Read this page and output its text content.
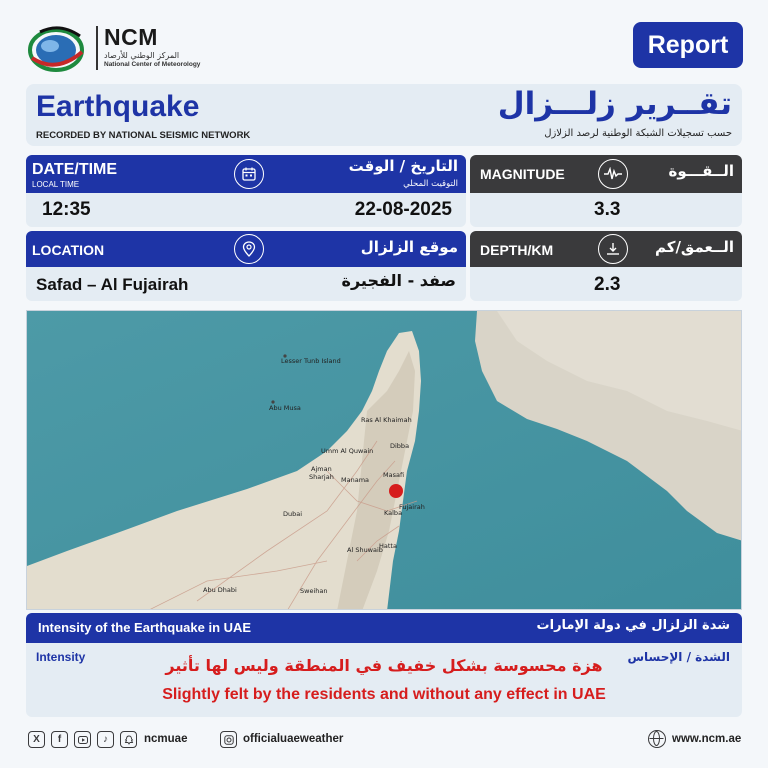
NCM
المركز الوطني للأرصاد
National Center of Meteorology
Report
Earthquake
RECORDED BY NATIONAL SEISMIC NETWORK
تقــرير زلـــزال
حسب تسجيلات الشبكة الوطنية لرصد الزلازل
DATE/TIME
LOCAL TIME
التاريخ / الوقت
التوقيت المحلي
12:35	22-08-2025
MAGNITUDE	الــقـــوة
3.3
LOCATION	موقع الزلزال
Safad – Al Fujairah	صفد - الفجيرة
DEPTH/KM	الــعمق/كم
2.3
Lesser Tunb Island
Abu Musa
Ras Al Khaimah
Dibba
Umm Al Quwain
Ajman
Sharjah Manama
Masafi
Fujairah
Kalba
Dubai
Al Shuwaib
Hatta
Abu Dhabi	Sweihan
Intensity of the Earthquake in UAE	شدة الزلزال في دولة الإمارات
Intensity	الشدة / الإحساس
هزة محسوسة بشكل خفيف في المنطقة وليس لها تأثير
Slightly felt by the residents and without any effect in UAE
X	f	♪	ncmuae	officialuaeweather	www.ncm.ae
